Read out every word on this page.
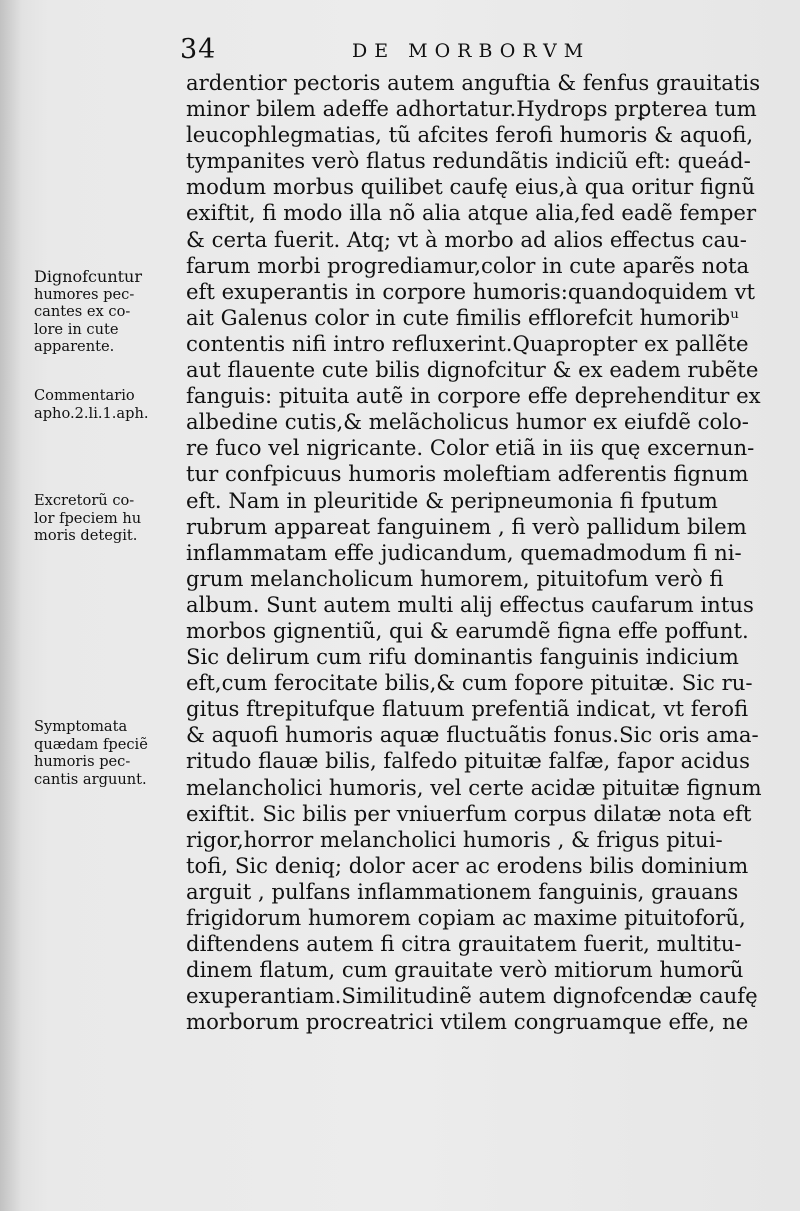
34	DE MORBORVM
Dignofcuntur
humores pec-
cantes ex co-
lore in cute
apparente.
Commentario
apho.2.li.1.aph.
Excretorũ co-
lor fpeciem hu
moris detegit.
Symptomata
quædam fpeciẽ
humoris pec-
cantis arguunt.
ardentior pectoris autem anguftia & fenfus grauitatis
minor bilem adeffe adhortatur.Hydrops prꝑterea tum
leucophlegmatias, tũ afcites ferofi humoris & aquofi,
tympanites verò flatus redundãtis indiciũ eft: queád-
modum morbus quilibet caufę eius,à qua oritur fignũ
exiftit, fi modo illa nõ alia atque alia,fed eadẽ femper
& certa fuerit. Atq; vt à morbo ad alios effectus cau-
farum morbi progrediamur,color in cute aparẽs nota
eft exuperantis in corpore humoris:quandoquidem vt
ait Galenus color in cute fimilis efflorefcit humoribᵘ
contentis nifi intro refluxerint.Quapropter ex pallẽte
aut flauente cute bilis dignofcitur & ex eadem rubẽte
fanguis: pituita autẽ in corpore effe deprehenditur ex
albedine cutis,& melãcholicus humor ex eiufdẽ colo-
re fuco vel nigricante. Color etiã in iis quę excernun-
tur confpicuus humoris moleftiam adferentis fignum
eft. Nam in pleuritide & peripneumonia fi fputum
rubrum appareat fanguinem , fi verò pallidum bilem
inflammatam effe judicandum, quemadmodum fi ni-
grum melancholicum humorem, pituitofum verò fi
album. Sunt autem multi alij effectus caufarum intus
morbos gignentiũ, qui & earumdẽ figna effe poffunt.
Sic delirum cum rifu dominantis fanguinis indicium
eft,cum ferocitate bilis,& cum fopore pituitæ. Sic ru-
gitus ftrepitufque flatuum prefentiã indicat, vt ferofi
& aquofi humoris aquæ fluctuãtis fonus.Sic oris ama-
ritudo flauæ bilis, falfedo pituitæ falfæ, fapor acidus
melancholici humoris, vel certe acidæ pituitæ fignum
exiftit. Sic bilis per vniuerfum corpus dilatæ nota eft
rigor,horror melancholici humoris , & frigus pitui-
tofi, Sic deniq; dolor acer ac erodens bilis dominium
arguit , pulfans inflammationem fanguinis, grauans
frigidorum humorem copiam ac maxime pituitoforũ,
diftendens autem fi citra grauitatem fuerit, multitu-
dinem flatum, cum grauitate verò mitiorum humorũ
exuperantiam.Similitudinẽ autem dignofcendæ caufę
morborum procreatrici vtilem congruamque effe, ne
